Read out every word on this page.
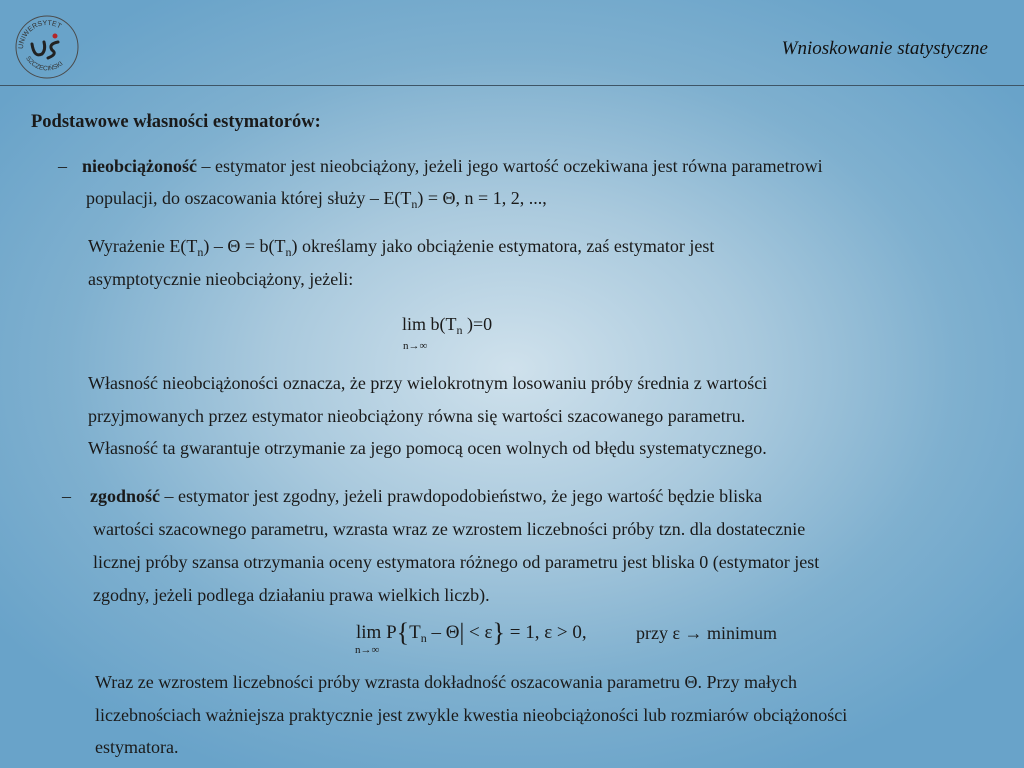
UNIWERSYTET
SZCZECIŃSKI
Wnioskowanie statystyczne
Podstawowe własności estymatorów:
– nieobciążoność – estymator jest nieobciążony, jeżeli jego wartość oczekiwana jest równa parametrowi

populacji, do oszacowania której służy – $E(T_n) = \Theta$, n = 1, 2, ...,

Wyrażenie $E(T_n) - \Theta = b(T_n)$ określamy jako obciążenie estymatora, zaś estymator jest

asymptotycznie nieobciążony, jeżeli:

$\lim b(T_n$ )=0
n→∞

Własność nieobciążoności oznacza, że przy wielokrotnym losowaniu próby średnia z wartości

przyjmowanych przez estymator nieobciążony równa się wartości szacowanego parametru.

Własność ta gwarantuje otrzymanie za jego pomocą ocen wolnych od błędu systematycznego.

– zgodność – estymator jest zgodny, jeżeli prawdopodobieństwo, że jego wartość będzie bliska

wartości szacownego parametru, wzrasta wraz ze wzrostem liczebności próby tzn. dla dostatecznie

licznej próby szansa otrzymania oceny estymatora różnego od parametru jest bliska 0 (estymator jest

zgodny, jeżeli podlega działaniu prawa wielkich liczb).

$\lim P\{T_n - \Theta| < \varepsilon\} = 1$, ε > 0,
n→∞
przy ε → minimum

Wraz ze wzrostem liczebności próby wzrasta dokładność oszacowania parametru Θ. Przy małych

liczebnościach ważniejsza praktycznie jest zwykle kwestia nieobciążoności lub rozmiarów obciążoności

estymatora.
